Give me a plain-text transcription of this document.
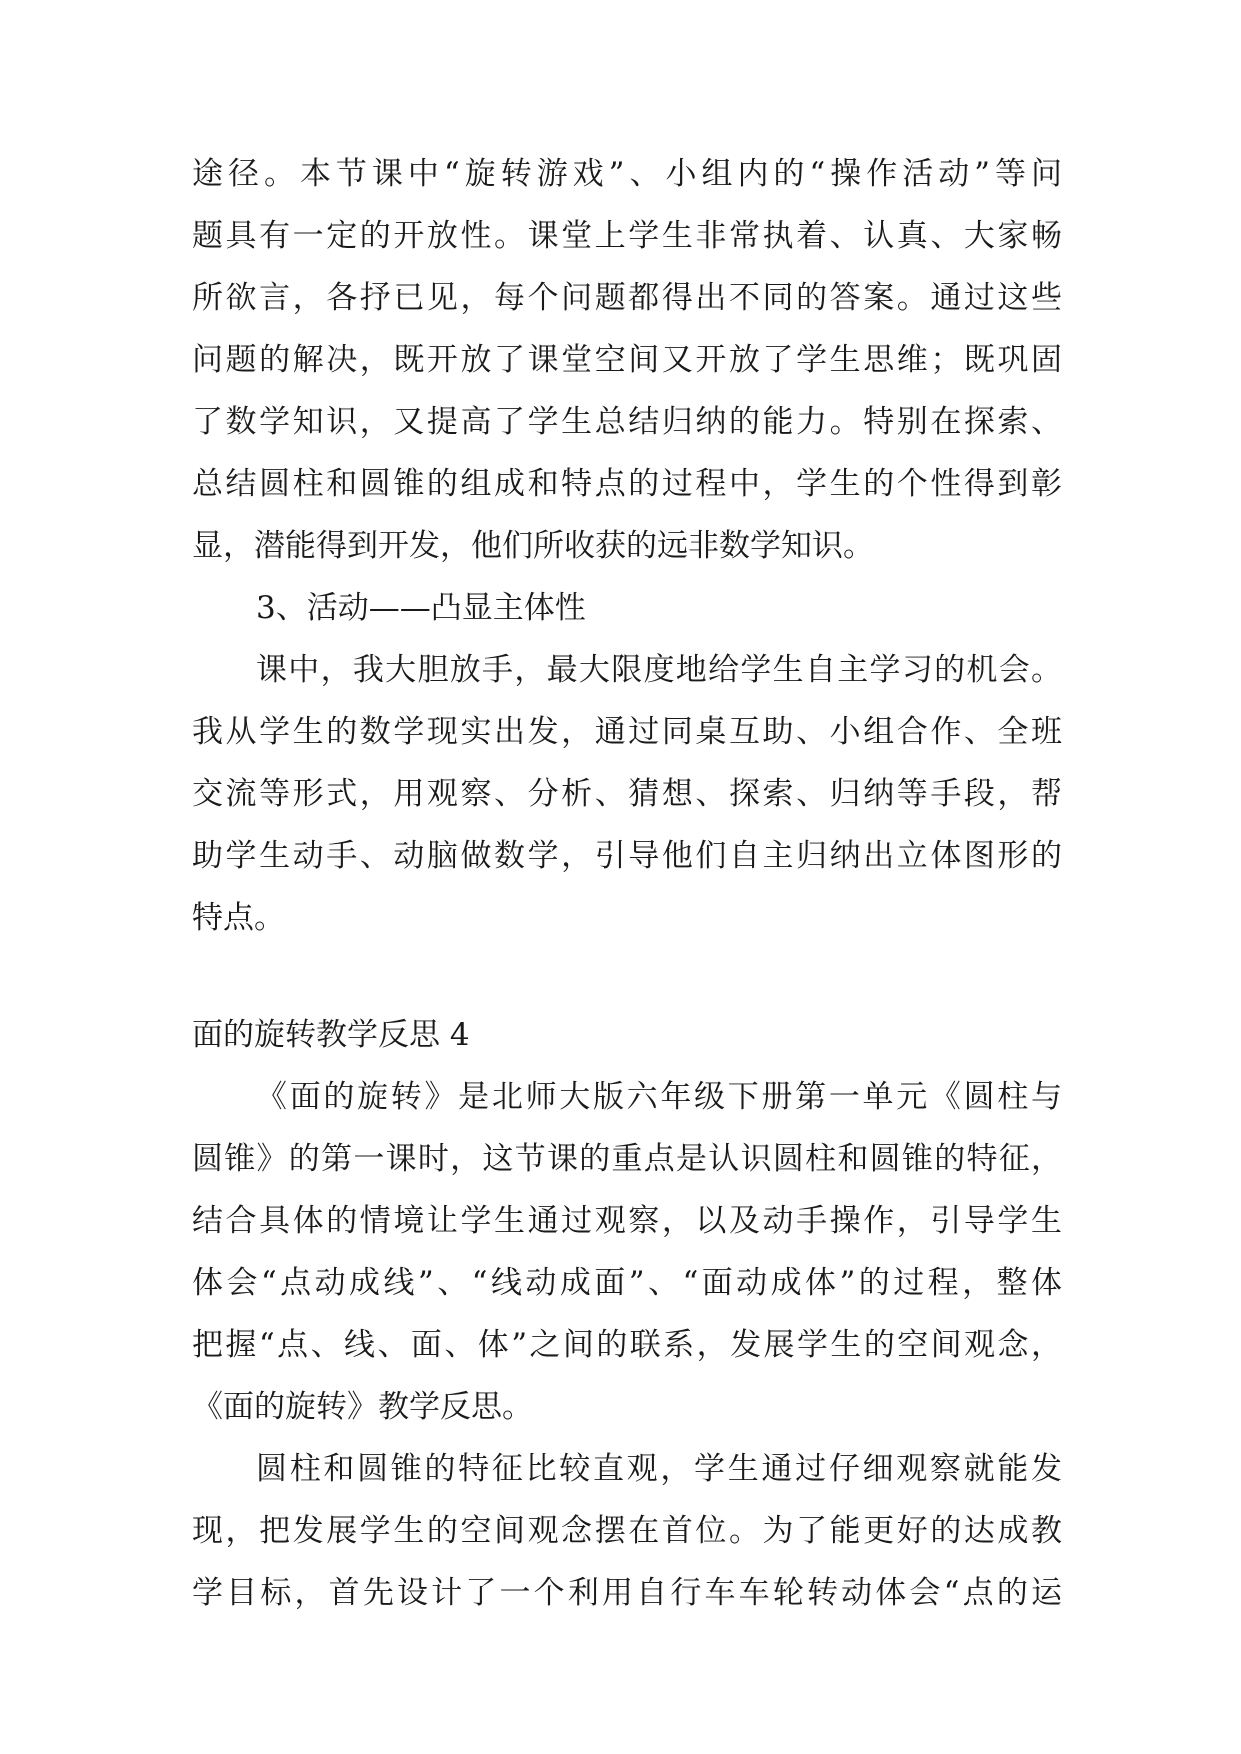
途径。本节课中“旋转游戏”、小组内的“操作活动”等问
题具有一定的开放性。课堂上学生非常执着、认真、大家畅
所欲言，各抒已见，每个问题都得出不同的答案。通过这些
问题的解决，既开放了课堂空间又开放了学生思维；既巩固
了数学知识，又提高了学生总结归纳的能力。特别在探索、
总结圆柱和圆锥的组成和特点的过程中，学生的个性得到彰
显，潜能得到开发，他们所收获的远非数学知识。
3、活动——凸显主体性
课中，我大胆放手，最大限度地给学生自主学习的机会。
我从学生的数学现实出发，通过同桌互助、小组合作、全班
交流等形式，用观察、分析、猜想、探索、归纳等手段，帮
助学生动手、动脑做数学，引导他们自主归纳出立体图形的
特点。
面的旋转教学反思 4
《面的旋转》是北师大版六年级下册第一单元《圆柱与
圆锥》的第一课时，这节课的重点是认识圆柱和圆锥的特征，
结合具体的情境让学生通过观察，以及动手操作，引导学生
体会“点动成线”、“线动成面”、“面动成体”的过程，整体
把握“点、线、面、体”之间的联系，发展学生的空间观念，
《面的旋转》教学反思。
圆柱和圆锥的特征比较直观，学生通过仔细观察就能发
现，把发展学生的空间观念摆在首位。为了能更好的达成教
学目标，首先设计了一个利用自行车车轮转动体会“点的运
